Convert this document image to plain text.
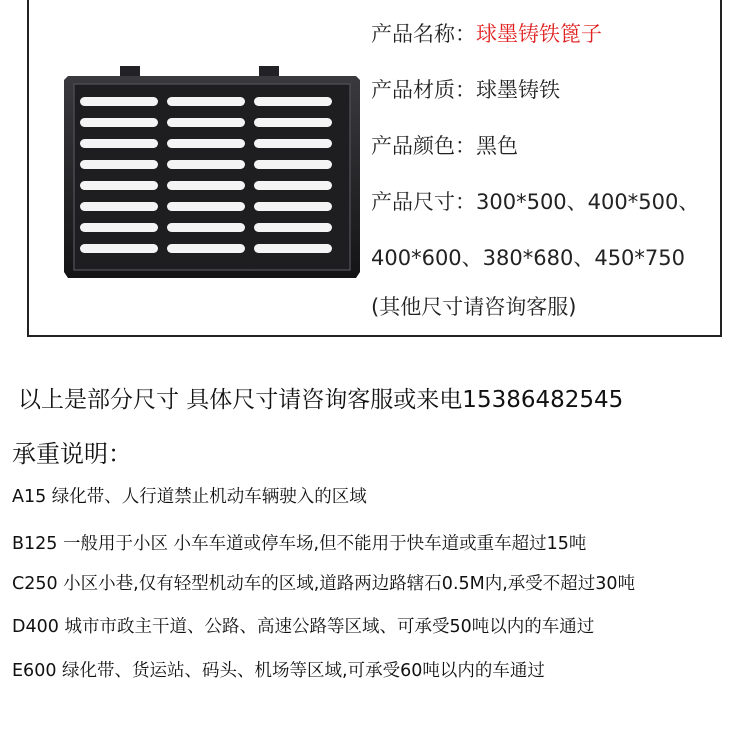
产品名称：球墨铸铁篦子
产品材质：球墨铸铁
产品颜色：黑色
产品尺寸：300*500、400*500、
400*600、380*680、450*750
(其他尺寸请咨询客服)
以上是部分尺寸 具体尺寸请咨询客服或来电15386482545
承重说明：
A15 绿化带、人行道禁止机动车辆驶入的区域
B125 一般用于小区 小车车道或停车场,但不能用于快车道或重车超过15吨
C250 小区小巷,仅有轻型机动车的区域,道路两边路辖石0.5M内,承受不超过30吨
D400 城市市政主干道、公路、高速公路等区域、可承受50吨以内的车通过
E600 绿化带、货运站、码头、机场等区域,可承受60吨以内的车通过
